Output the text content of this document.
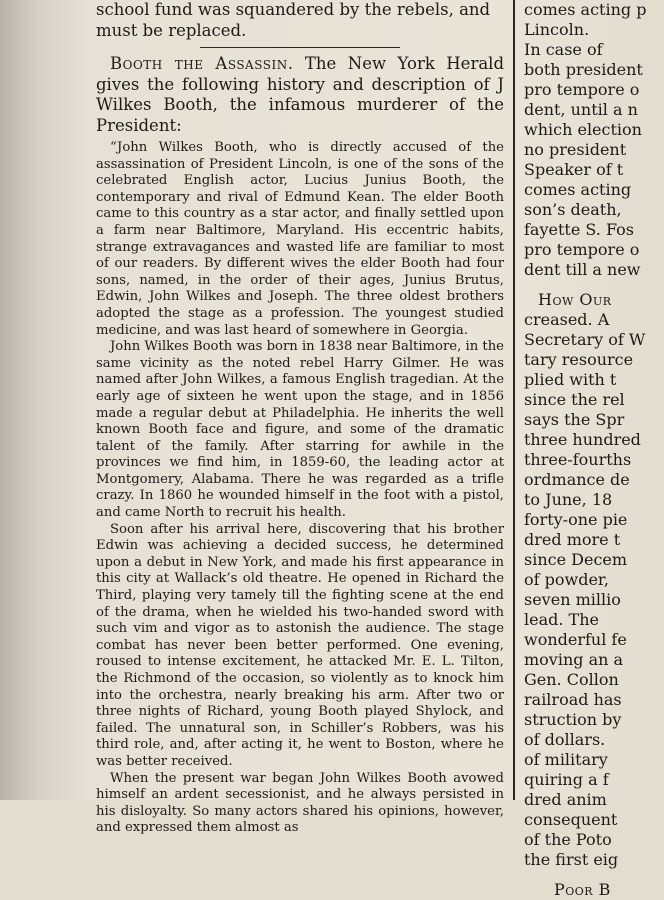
school fund was squandered by the rebels, and
must be replaced.
Booth the Assassin. The New York Herald gives the following history and description of J Wilkes Booth, the infamous murderer of the President:

“John Wilkes Booth, who is directly accused of the assassination of President Lincoln, is one of the sons of the celebrated English actor, Lucius Junius Booth, the contemporary and rival of Edmund Kean. The elder Booth came to this country as a star actor, and finally settled upon a farm near Baltimore, Maryland. His eccentric habits, strange extravagances and wasted life are familiar to most of our readers. By different wives the elder Booth had four sons, named, in the order of their ages, Junius Brutus, Edwin, John Wilkes and Joseph. The three oldest brothers adopted the stage as a profession. The youngest studied medicine, and was last heard of somewhere in Georgia.

John Wilkes Booth was born in 1838 near Baltimore, in the same vicinity as the noted rebel Harry Gilmer. He was named after John Wilkes, a famous English tragedian. At the early age of sixteen he went upon the stage, and in 1856 made a regular debut at Philadelphia. He inherits the well known Booth face and figure, and some of the dramatic talent of the family. After starring for awhile in the provinces we find him, in 1859-60, the leading actor at Montgomery, Alabama. There he was regarded as a trifle crazy. In 1860 he wounded himself in the foot with a pistol, and came North to recruit his health.

Soon after his arrival here, discovering that his brother Edwin was achieving a decided success, he determined upon a debut in New York, and made his first appearance in this city at Wallack’s old theatre. He opened in Richard the Third, playing very tamely till the fighting scene at the end of the drama, when he wielded his two-handed sword with such vim and vigor as to astonish the audience. The stage combat has never been better performed. One evening, roused to intense excitement, he attacked Mr. E. L. Tilton, the Richmond of the occasion, so violently as to knock him into the orchestra, nearly breaking his arm. After two or three nights of Richard, young Booth played Shylock, and failed. The unnatural son, in Schiller’s Robbers, was his third role, and, after acting it, he went to Boston, where he was better received.

When the present war began John Wilkes Booth avowed himself an ardent secessionist, and he always persisted in his disloyalty. So many actors shared his opinions, however, and expressed them almost as

comes acting p
Lincoln.
In case of
both president
pro tempore o
dent, until a n
which election
no president
Speaker of t
comes acting
son’s death,
fayette S. Fos
pro tempore o
dent till a new
How Our
creased. A
Secretary of W
tary resource
plied with t
since the rel
says the Spr
three hundred
three-fourths
ordmance de
to June, 18
forty-one pie
dred more t
since Decem
of powder,
seven millio
lead. The
wonderful fe
moving an a
Gen. Collon
railroad has
struction by
of dollars.
of military
quiring a f
dred anim
consequent
of the Poto
the first eig
Poor B
